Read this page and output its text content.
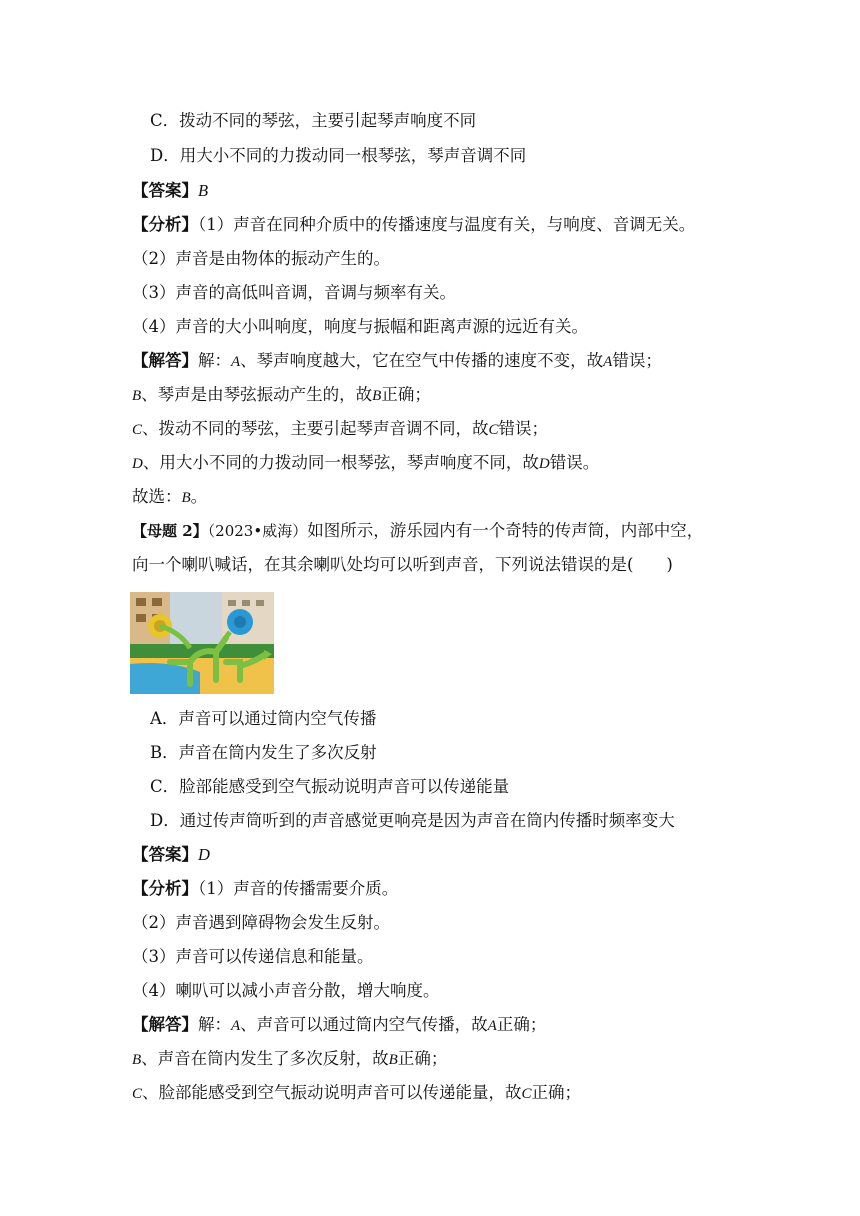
C．拨动不同的琴弦，主要引起琴声响度不同
D．用大小不同的力拨动同一根琴弦，琴声音调不同
【答案】B
【分析】（1）声音在同种介质中的传播速度与温度有关，与响度、音调无关。
（2）声音是由物体的振动产生的。
（3）声音的高低叫音调，音调与频率有关。
（4）声音的大小叫响度，响度与振幅和距离声源的远近有关。
【解答】解：A、琴声响度越大，它在空气中传播的速度不变，故A错误；
B、琴声是由琴弦振动产生的，故B正确；
C、拨动不同的琴弦，主要引起琴声音调不同，故C错误；
D、用大小不同的力拨动同一根琴弦，琴声响度不同，故D错误。
故选：B。
【母题 2】（2023•威海）如图所示，游乐园内有一个奇特的传声筒，内部中空，
向一个喇叭喊话，在其余喇叭处均可以听到声音，下列说法错误的是(　　)
A．声音可以通过筒内空气传播
B．声音在筒内发生了多次反射
C．脸部能感受到空气振动说明声音可以传递能量
D．通过传声筒听到的声音感觉更响亮是因为声音在筒内传播时频率变大
【答案】D
【分析】（1）声音的传播需要介质。
（2）声音遇到障碍物会发生反射。
（3）声音可以传递信息和能量。
（4）喇叭可以减小声音分散，增大响度。
【解答】解：A、声音可以通过筒内空气传播，故A正确；
B、声音在筒内发生了多次反射，故B正确；
C、脸部能感受到空气振动说明声音可以传递能量，故C正确；
